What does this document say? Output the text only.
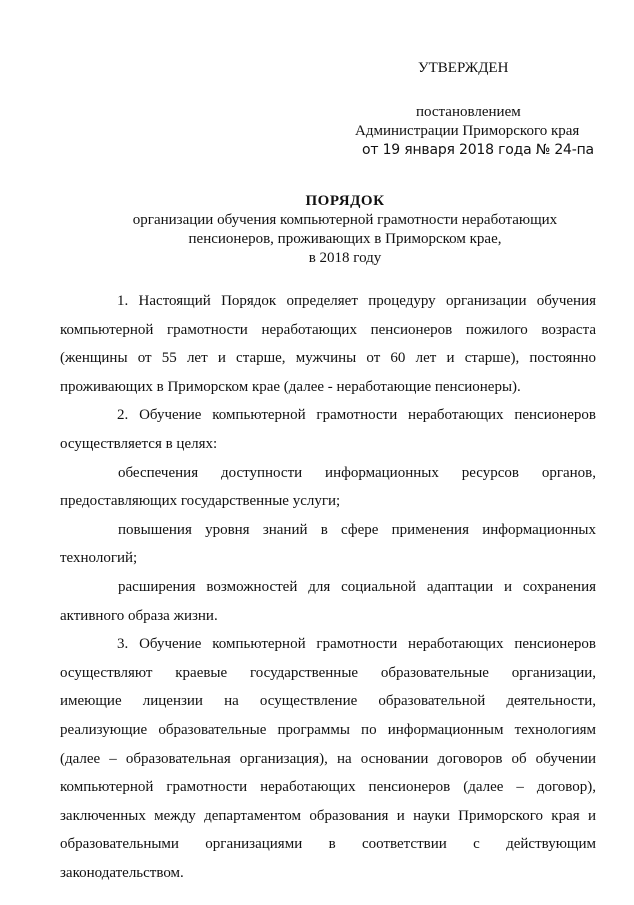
УТВЕРЖДЕН
постановлением
Администрации Приморского края
от 19 января 2018 года № 24-па
ПОРЯДОК
организации обучения компьютерной грамотности неработающих
пенсионеров, проживающих в Приморском крае,
в 2018 году
1. Настоящий Порядок определяет процедуру организации обучения
компьютерной грамотности неработающих пенсионеров пожилого возраста
(женщины от 55 лет и старше, мужчины от 60 лет и старше), постоянно
проживающих в Приморском крае (далее - неработающие пенсионеры).
2. Обучение компьютерной грамотности неработающих пенсионеров
осуществляется в целях:
обеспечения доступности информационных ресурсов органов,
предоставляющих государственные услуги;
повышения уровня знаний в сфере применения информационных
технологий;
расширения возможностей для социальной адаптации и сохранения
активного образа жизни.
3. Обучение компьютерной грамотности неработающих пенсионеров
осуществляют краевые государственные образовательные организации,
имеющие лицензии на осуществление образовательной деятельности,
реализующие образовательные программы по информационным технологиям
(далее – образовательная организация), на основании договоров об обучении
компьютерной грамотности неработающих пенсионеров (далее – договор),
заключенных между департаментом образования и науки Приморского края и
образовательными организациями в соответствии с действующим
законодательством.
